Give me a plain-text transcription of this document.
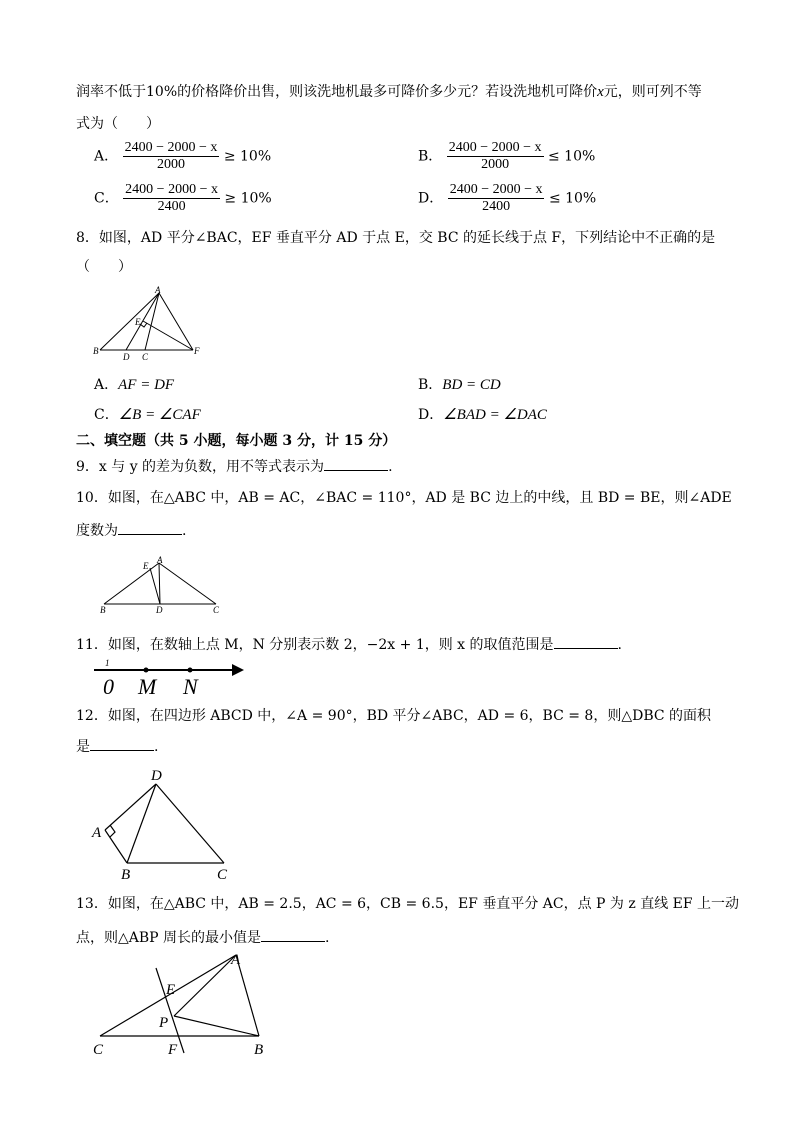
润率不低于10%的价格降价出售，则该洗地机最多可降价多少元？若设洗地机可降价x元，则可列不等
式为（　　）
A． $\frac{2400 - 2000 - x}{2000} \ge 10\%$	B． $\frac{2400 - 2000 - x}{2000} \le 10\%$
C． $\frac{2400 - 2000 - x}{2400} \ge 10\%$	D． $\frac{2400 - 2000 - x}{2400} \le 10\%$
8．如图，AD 平分∠BAC，EF 垂直平分 AD 于点 E，交 BC 的延长线于点 F，下列结论中不正确的是
（　　）
A
B
D C
E
F
A．AF = DF	B．BD = CD
C．∠B = ∠CAF	D．∠BAD = ∠DAC
二、填空题（共 5 小题，每小题 3 分，计 15 分）
9．x 与 y 的差为负数，用不等式表示为	.
10．如图，在△ABC 中，AB = AC，∠BAC = 110°，AD 是 BC 边上的中线，且 BD = BE，则∠ADE
度数为	.
A
E
B	D	C
11．如图，在数轴上点 M，N 分别表示数 2，−2x + 1，则 x 的取值范围是	.
1
0 M N
12．如图，在四边形 ABCD 中，∠A = 90°，BD 平分∠ABC，AD = 6，BC = 8，则△DBC 的面积
是	.
D
A
B	C
13．如图，在△ABC 中，AB = 2.5，AC = 6，CB = 6.5，EF 垂直平分 AC，点 P 为 z 直线 EF 上一动
点，则△ABP 周长的最小值是	.
A
E
P
C	F	B
